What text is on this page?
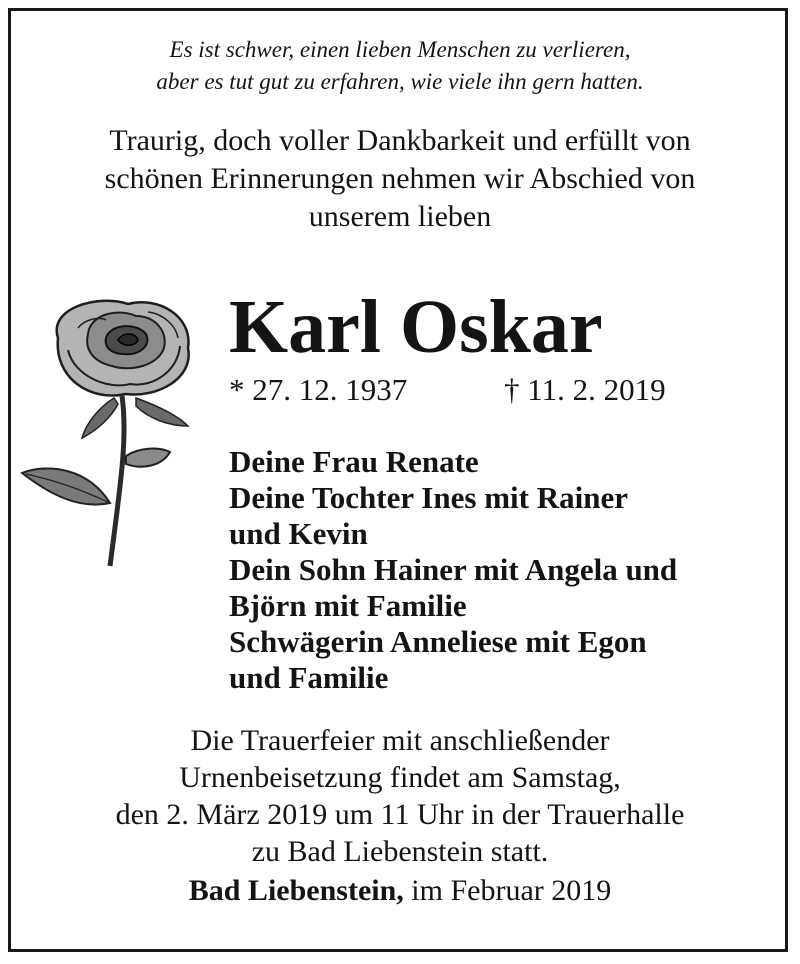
Es ist schwer, einen lieben Menschen zu verlieren,
aber es tut gut zu erfahren, wie viele ihn gern hatten.
Traurig, doch voller Dankbarkeit und erfüllt von
schönen Erinnerungen nehmen wir Abschied von
unserem lieben
Karl Oskar
* 27. 12. 1937	† 11. 2. 2019
Deine Frau Renate
Deine Tochter Ines mit Rainer
und Kevin
Dein Sohn Hainer mit Angela und
Björn mit Familie
Schwägerin Anneliese mit Egon
und Familie
Die Trauerfeier mit anschließender
Urnenbeisetzung findet am Samstag,
den 2. März 2019 um 11 Uhr in der Trauerhalle
zu Bad Liebenstein statt.
Bad Liebenstein, im Februar 2019
